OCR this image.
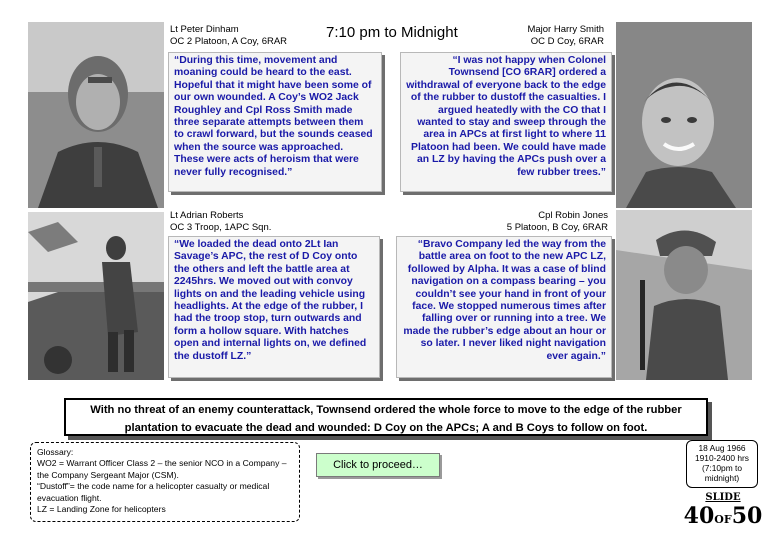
Lt Peter Dinham
OC 2 Platoon, A Coy, 6RAR
7:10 pm to Midnight	Major Harry Smith
OC D Coy, 6RAR
“During this time, movement and moaning could be heard to the east. Hopeful that it might have been some of our own wounded. A Coy’s WO2 Jack Roughley and Cpl Ross Smith made three separate attempts between them to crawl forward, but the sounds ceased when the source was approached. These were acts of heroism that were never fully recognised.”
“I was not happy when Colonel Townsend [CO 6RAR] ordered a withdrawal of everyone back to the edge of the rubber to dustoff the casualties. I argued heatedly with the CO that I wanted to stay and sweep through the area in APCs at first light to where 11 Platoon had been. We could have made an LZ by having the APCs push over a few rubber trees.”
Lt Adrian Roberts
OC 3 Troop, 1APC Sqn.
Cpl Robin Jones
5 Platoon, B Coy, 6RAR
“We loaded the dead onto 2Lt Ian Savage’s APC, the rest of D Coy onto the others and left the battle area at 2245hrs. We moved out with convoy lights on and the leading vehicle using headlights. At the edge of the rubber, I had the troop stop, turn outwards and form a hollow square. With hatches open and internal lights on, we defined the dustoff LZ.”
“Bravo Company led the way from the battle area on foot to the new APC LZ, followed by Alpha. It was a case of blind navigation on a compass bearing – you couldn’t see your hand in front of your face. We stopped numerous times after falling over or running into a tree. We made the rubber’s edge about an hour or so later. I never liked night navigation ever again.”
With no threat of an enemy counterattack, Townsend ordered the whole force to move to the edge of the rubber plantation to evacuate the dead and wounded: D Coy on the APCs; A and B Coys to follow on foot.
Glossary:
WO2 = Warrant Officer Class 2 – the senior NCO in a Company – the Company Sergeant Major (CSM).
“Dustoff”= the code name for a helicopter casualty or medical evacuation flight.
LZ = Landing Zone for helicopters
Click to proceed…
18 Aug 1966
1910-2400 hrs
(7:10pm to
midnight)
SLIDE
40OF50
